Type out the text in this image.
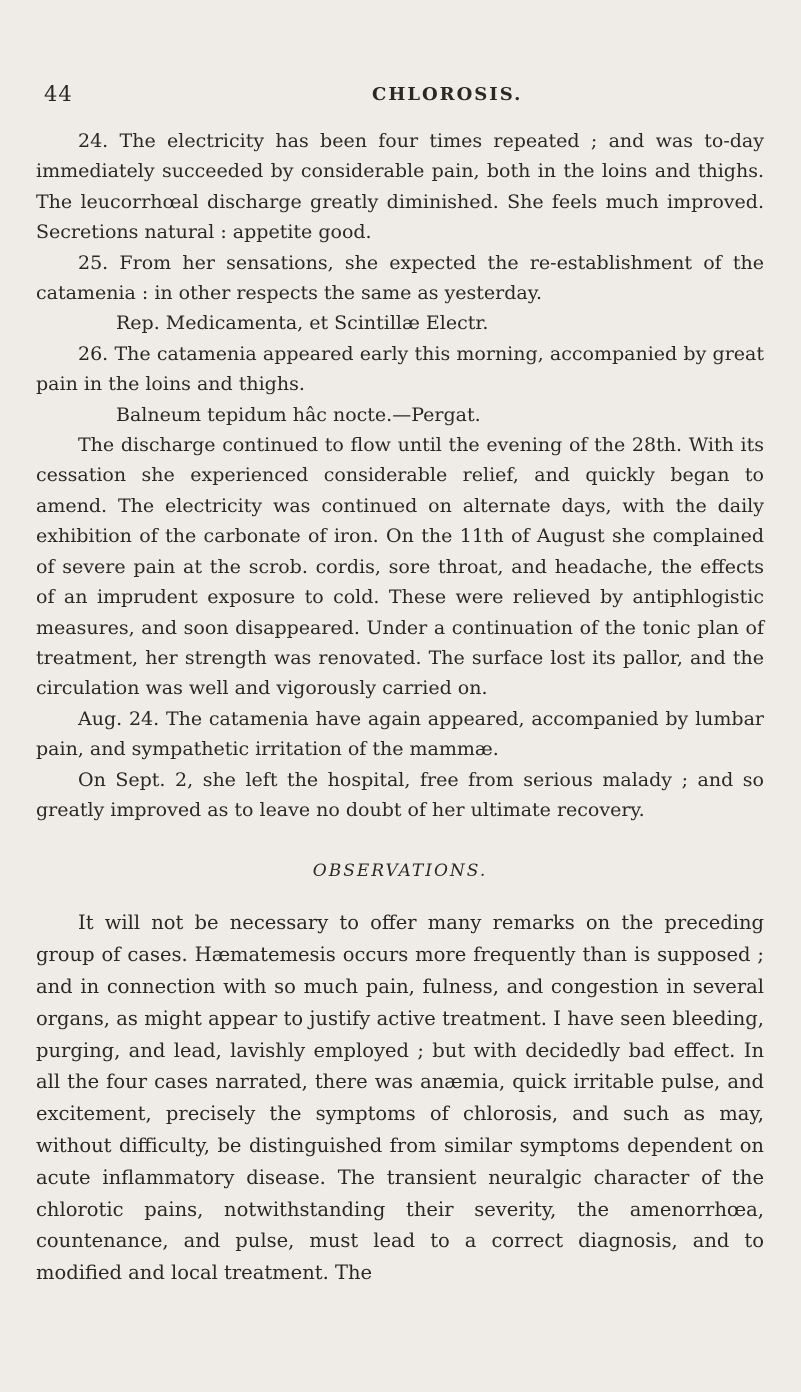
44	CHLOROSIS.

24. The electricity has been four times repeated ; and was to-day immediately succeeded by considerable pain, both in the loins and thighs. The leucorrhœal discharge greatly diminished. She feels much improved. Secretions natural : appetite good.

25. From her sensations, she expected the re-establishment of the catamenia : in other respects the same as yesterday.

Rep. Medicamenta, et Scintillæ Electr.

26. The catamenia appeared early this morning, accompanied by great pain in the loins and thighs.

Balneum tepidum hâc nocte.—Pergat.

The discharge continued to flow until the evening of the 28th. With its cessation she experienced considerable relief, and quickly began to amend. The electricity was continued on alternate days, with the daily exhibition of the carbonate of iron. On the 11th of August she complained of severe pain at the scrob. cordis, sore throat, and headache, the effects of an imprudent exposure to cold. These were relieved by antiphlogistic measures, and soon disappeared. Under a continuation of the tonic plan of treatment, her strength was renovated. The surface lost its pallor, and the circulation was well and vigorously carried on.

Aug. 24. The catamenia have again appeared, accompanied by lumbar pain, and sympathetic irritation of the mammæ.

On Sept. 2, she left the hospital, free from serious malady ; and so greatly improved as to leave no doubt of her ultimate recovery.

OBSERVATIONS.

It will not be necessary to offer many remarks on the preceding group of cases. Hæmatemesis occurs more frequently than is supposed ; and in connection with so much pain, fulness, and congestion in several organs, as might appear to justify active treatment. I have seen bleeding, purging, and lead, lavishly employed ; but with decidedly bad effect. In all the four cases narrated, there was anæmia, quick irritable pulse, and excitement, precisely the symptoms of chlorosis, and such as may, without difficulty, be distinguished from similar symptoms dependent on acute inflammatory disease. The transient neuralgic character of the chlorotic pains, notwithstanding their severity, the amenorrhœa, countenance, and pulse, must lead to a correct diagnosis, and to modified and local treatment. The
